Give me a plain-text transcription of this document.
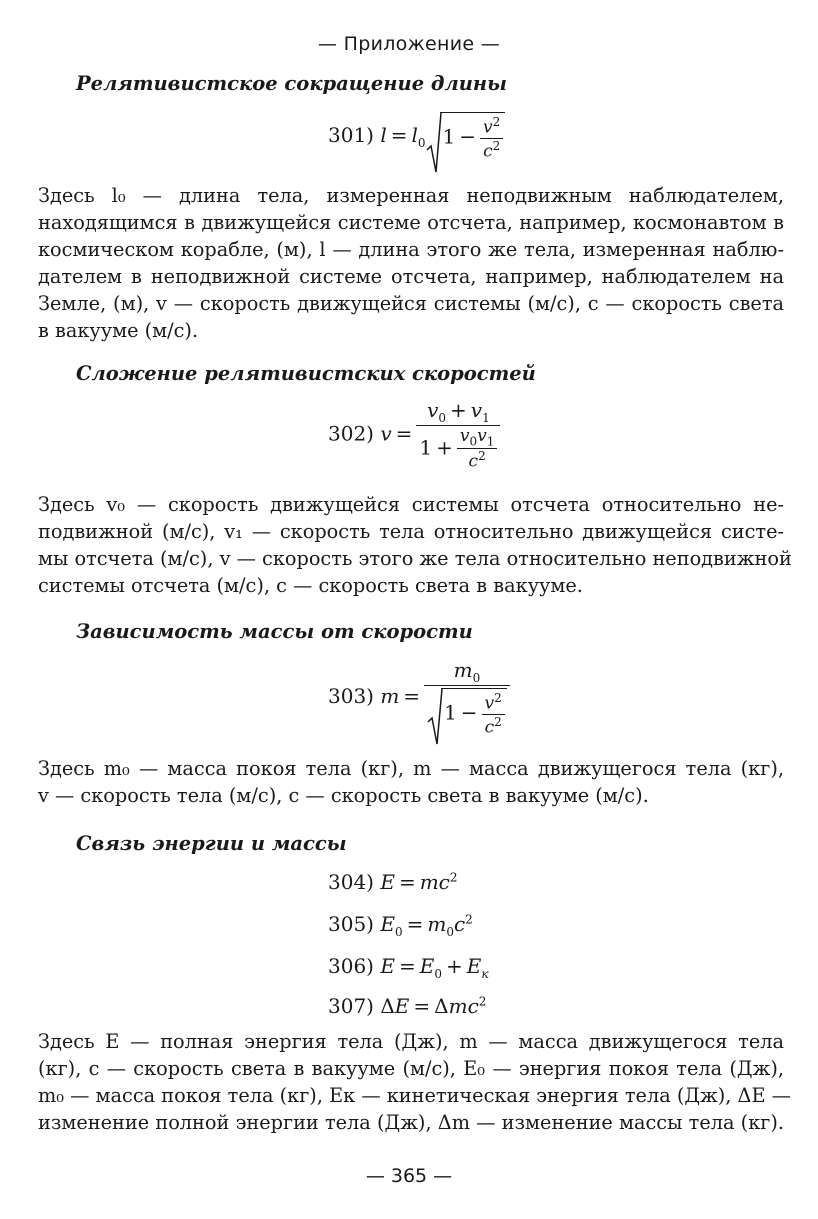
— Приложение —
Релятивистское сокращение длины
301) $l = l_0$ $1 - \frac{v^2}{c^2}$
Здесь l₀ — длина тела, измеренная неподвижным наблюдателем,
находящимся в движущейся системе отсчета, например, космонавтом в
космическом корабле, (м), l — длина этого же тела, измеренная наблю-
дателем в неподвижной системе отсчета, например, наблюдателем на
Земле, (м), v — скорость движущейся системы (м/с), c — скорость света
в вакууме (м/с).
Сложение релятивистских скоростей
302) $v = \frac{v_0 + v_1}{1 + \frac{v_0v_1}{c^2}}$
Здесь v₀ — скорость движущейся системы отсчета относительно не-
подвижной (м/с), v₁ — скорость тела относительно движущейся систе-
мы отсчета (м/с), v — скорость этого же тела относительно неподвижной
системы отсчета (м/с), c — скорость света в вакууме.
Зависимость массы от скорости
303) $m = \frac{m_0}{1 - \frac{v^2}{c^2}}$
Здесь m₀ — масса покоя тела (кг), m — масса движущегося тела (кг),
v — скорость тела (м/с), c — скорость света в вакууме (м/с).
Связь энергии и массы
304) $E = mc^2$
305) $E_0 = m_0c^2$
306) $E = E_0 + E_к$
307) ΔE = Δmc$^2$
Здесь E — полная энергия тела (Дж), m — масса движущегося тела
(кг), c — скорость света в вакууме (м/с), E₀ — энергия покоя тела (Дж),
m₀ — масса покоя тела (кг), Eк — кинетическая энергия тела (Дж), ΔE —
изменение полной энергии тела (Дж), Δm — изменение массы тела (кг).
— 365 —
